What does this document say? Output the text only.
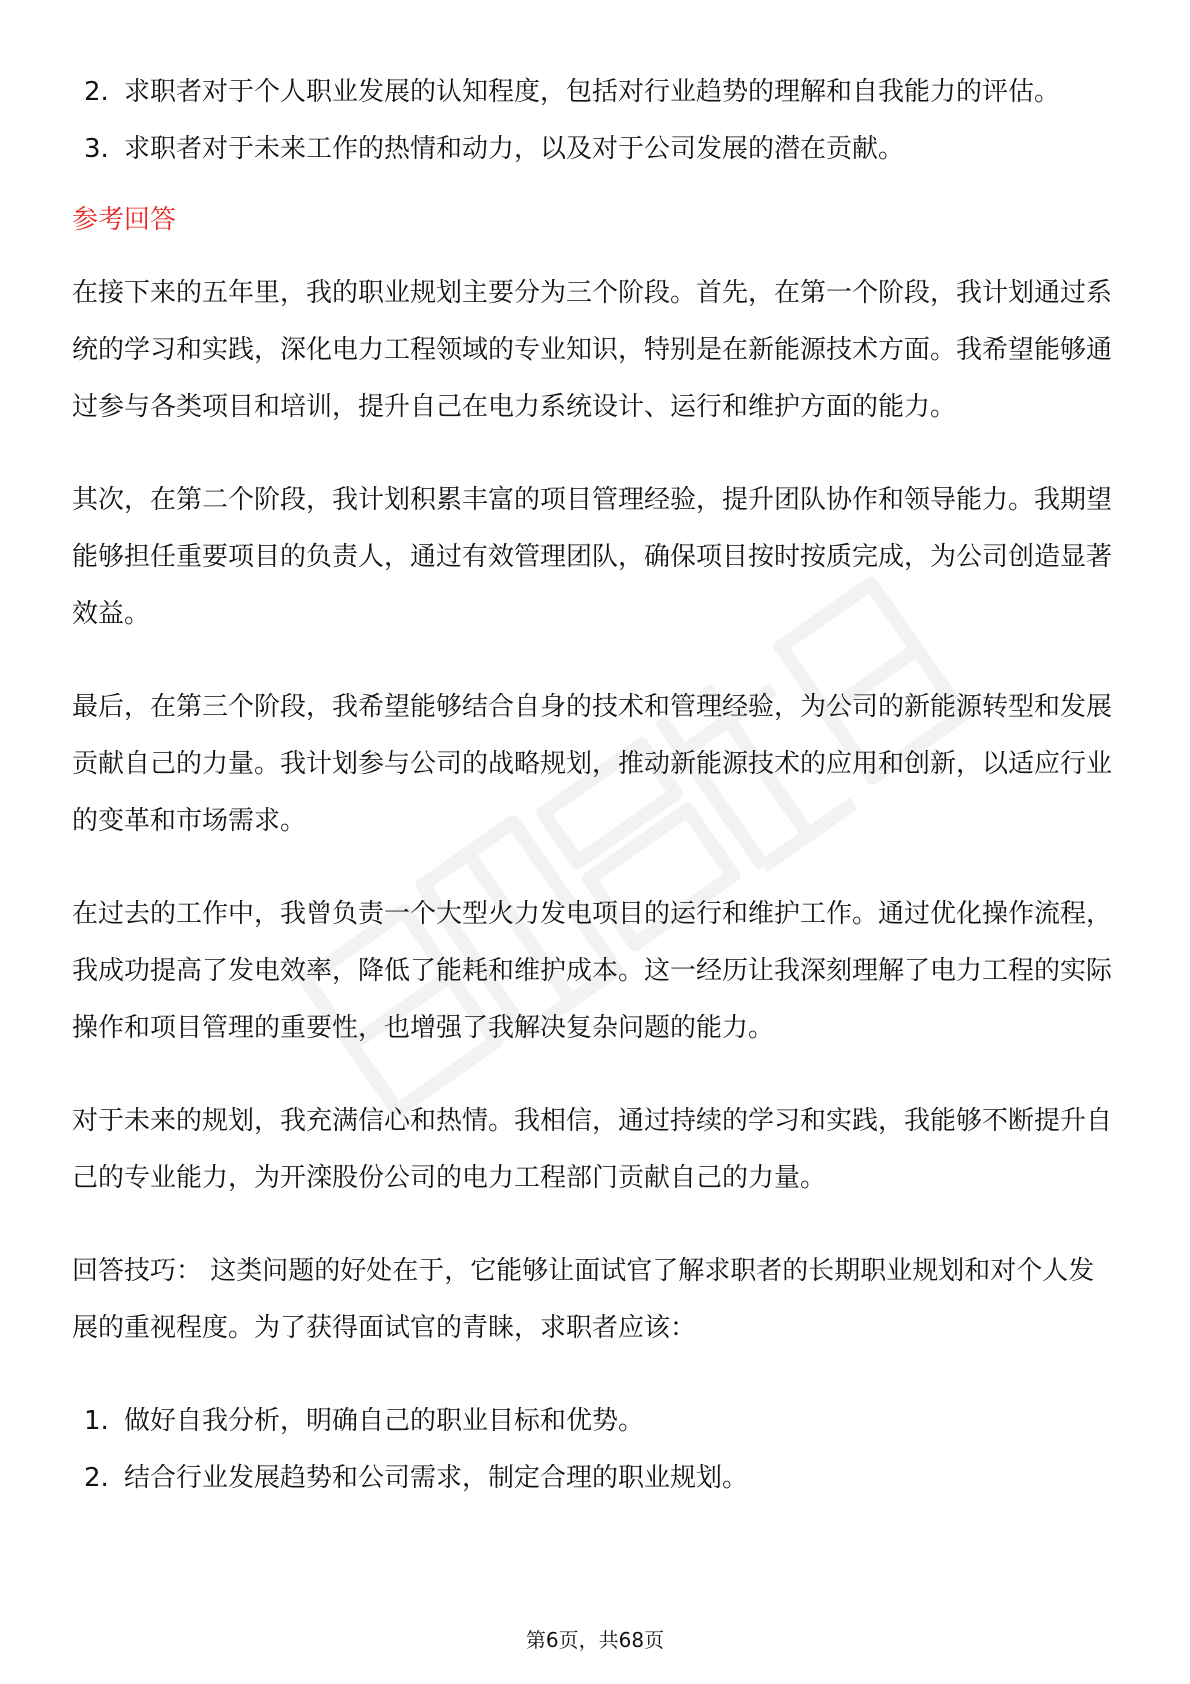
2. 求职者对于个人职业发展的认知程度，包括对行业趋势的理解和自我能力的评估。
3. 求职者对于未来工作的热情和动力，以及对于公司发展的潜在贡献。
参考回答

在接下来的五年里，我的职业规划主要分为三个阶段。首先，在第一个阶段，我计划通过系统的学习和实践，深化电力工程领域的专业知识，特别是在新能源技术方面。我希望能够通过参与各类项目和培训，提升自己在电力系统设计、运行和维护方面的能力。

其次，在第二个阶段，我计划积累丰富的项目管理经验，提升团队协作和领导能力。我期望能够担任重要项目的负责人，通过有效管理团队，确保项目按时按质完成，为公司创造显著效益。

最后，在第三个阶段，我希望能够结合自身的技术和管理经验，为公司的新能源转型和发展贡献自己的力量。我计划参与公司的战略规划，推动新能源技术的应用和创新，以适应行业的变革和市场需求。

在过去的工作中，我曾负责一个大型火力发电项目的运行和维护工作。通过优化操作流程，我成功提高了发电效率，降低了能耗和维护成本。这一经历让我深刻理解了电力工程的实际操作和项目管理的重要性，也增强了我解决复杂问题的能力。

对于未来的规划，我充满信心和热情。我相信，通过持续的学习和实践，我能够不断提升自己的专业能力，为开滦股份公司的电力工程部门贡献自己的力量。

回答技巧： 这类问题的好处在于，它能够让面试官了解求职者的长期职业规划和对个人发展的重视程度。为了获得面试官的青睐，求职者应该：

1. 做好自我分析，明确自己的职业目标和优势。
2. 结合行业发展趋势和公司需求，制定合理的职业规划。
第6页，共68页
